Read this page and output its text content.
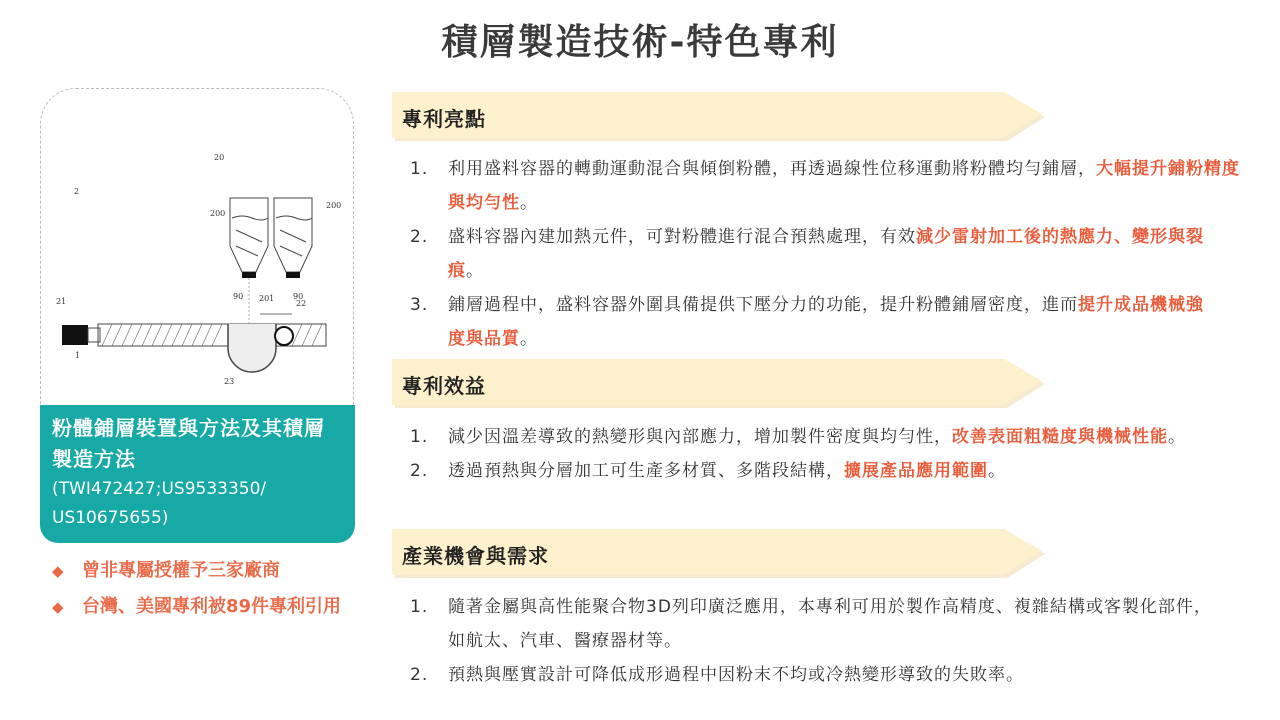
積層製造技術-特色專利
20
2
200
200
90	90
201
21	22
23
1
粉體鋪層裝置與方法及其積層製造方法
(TWI472427;US9533350/
US10675655)
◆	曾非專屬授權予三家廠商
◆	台灣、美國專利被89件專利引用
專利亮點
1.	利用盛料容器的轉動運動混合與傾倒粉體，再透過線性位移運動將粉體均勻鋪層，大幅提升鋪粉精度與均勻性。
2.	盛料容器內建加熱元件，可對粉體進行混合預熱處理，有效減少雷射加工後的熱應力、變形與裂痕。
3.	鋪層過程中，盛料容器外圍具備提供下壓分力的功能，提升粉體鋪層密度，進而提升成品機械強度與品質。
專利效益
1.	減少因溫差導致的熱變形與內部應力，增加製件密度與均勻性，改善表面粗糙度與機械性能。
2.	透過預熱與分層加工可生產多材質、多階段結構，擴展產品應用範圍。
產業機會與需求
1.	隨著金屬與高性能聚合物3D列印廣泛應用，本專利可用於製作高精度、複雜結構或客製化部件，如航太、汽車、醫療器材等。
2.	預熱與壓實設計可降低成形過程中因粉末不均或冷熱變形導致的失敗率。
